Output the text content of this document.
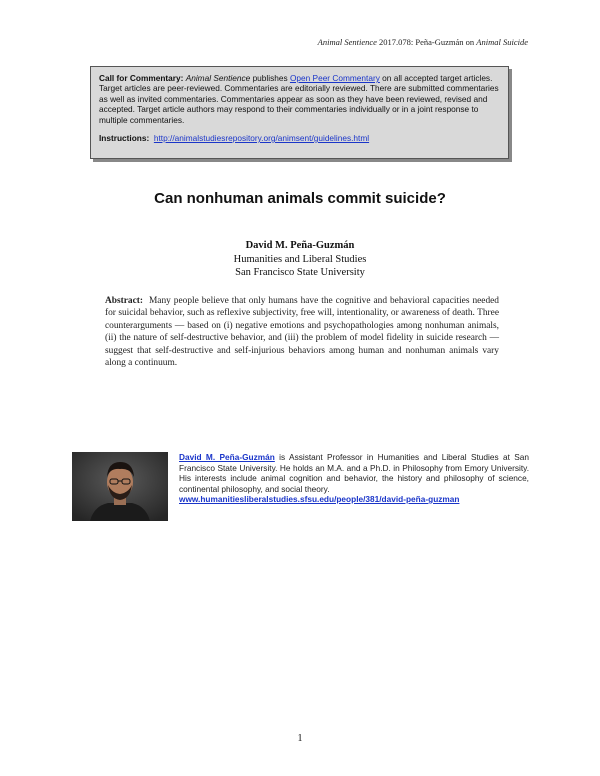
Animal Sentience 2017.078: Peña-Guzmán on Animal Suicide
Call for Commentary: Animal Sentience publishes Open Peer Commentary on all accepted target articles. Target articles are peer-reviewed. Commentaries are editorially reviewed. There are submitted commentaries as well as invited commentaries. Commentaries appear as soon as they have been reviewed, revised and accepted. Target article authors may respond to their commentaries individually or in a joint response to multiple commentaries.
Instructions: http://animalstudiesrepository.org/animsent/guidelines.html
Can nonhuman animals commit suicide?
David M. Peña-Guzmán
Humanities and Liberal Studies
San Francisco State University
Abstract: Many people believe that only humans have the cognitive and behavioral capacities needed for suicidal behavior, such as reflexive subjectivity, free will, intentionality, or awareness of death. Three counterarguments — based on (i) negative emotions and psychopathologies among nonhuman animals, (ii) the nature of self-destructive behavior, and (iii) the problem of model fidelity in suicide research — suggest that self-destructive and self-injurious behaviors among human and nonhuman animals vary along a continuum.
David M. Peña-Guzmán is Assistant Professor in Humanities and Liberal Studies at San Francisco State University. He holds an M.A. and a Ph.D. in Philosophy from Emory University. His interests include animal cognition and behavior, the history and philosophy of science, continental philosophy, and social theory.
www.humanitiesliberalstudies.sfsu.edu/people/381/david-peña-guzman
1
